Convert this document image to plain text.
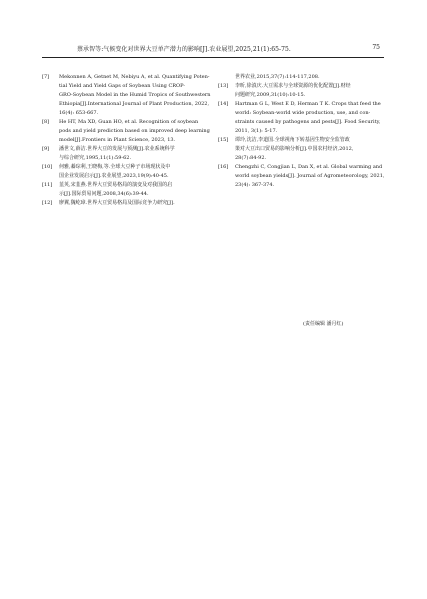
蔡承智等:气候变化对世界大豆单产潜力的影响[J].农业展望,2025,21(1):65-75.	75
[7] Mekonnen A, Getnet M, Nebiyu A, et al. Quantifying Poten-
tial Yield and Yield Gaps of Soybean Using CROP-
GRO-Soybean Model in the Humid Tropics of Southwestern
Ethiopia[J].International Journal of Plant Production, 2022,
16(4): 653-667.
[8] He HT, Ma XD, Guan HO, et al. Recognition of soybean
pods and yield prediction based on improved deep learning
model[J].Frontiers in Plant Science, 2023, 13.
[9] 潘世文,薛洁.世界大豆的发展与预测[J].农业系统科学
与综合研究,1995,11(1):59-62.
[10] 何雅,綦琮利,王晓梅,等.全球大豆种子市场现状及中
国企业发展启示[J].农业展望,2023,19(9):40-45.
[11] 韮英,宋韮燕.世界大豆贸易格局的演变及对我国的启
示[J].国际贸易问题,2008,34(6):39-44.
[12] 廖翼,魏屹璋.世界大豆贸易格局及国际竞争力研究[J].
世界农业,2015,37(7):114-117,208.
[13] 李昕,徐滇庆.大豆需求与全球资源的优化配置[J].财经
问题研究,2009,31(10):10-15.
[14] Hartman G L, West E D, Herman T K. Crops that feed the
world: Soybean-world wide production, use, and con-
straints caused by pathogens and pests[J]. Food Security,
2011, 3(1): 5-17.
[15] 谭玲,沈洁,李道国.全球视角下转基因生物安全监管政
策对大豆出口贸易的影响分析[J].中国农村经济,2012,
28(7):84-92.
[16] Chengzhi C, Congjian L, Dan X, et al. Global warming and
world soybean yields[J]. Journal of Agrometeorology, 2021,
23(4): 367-374.
(责任编辑 潘月红)
